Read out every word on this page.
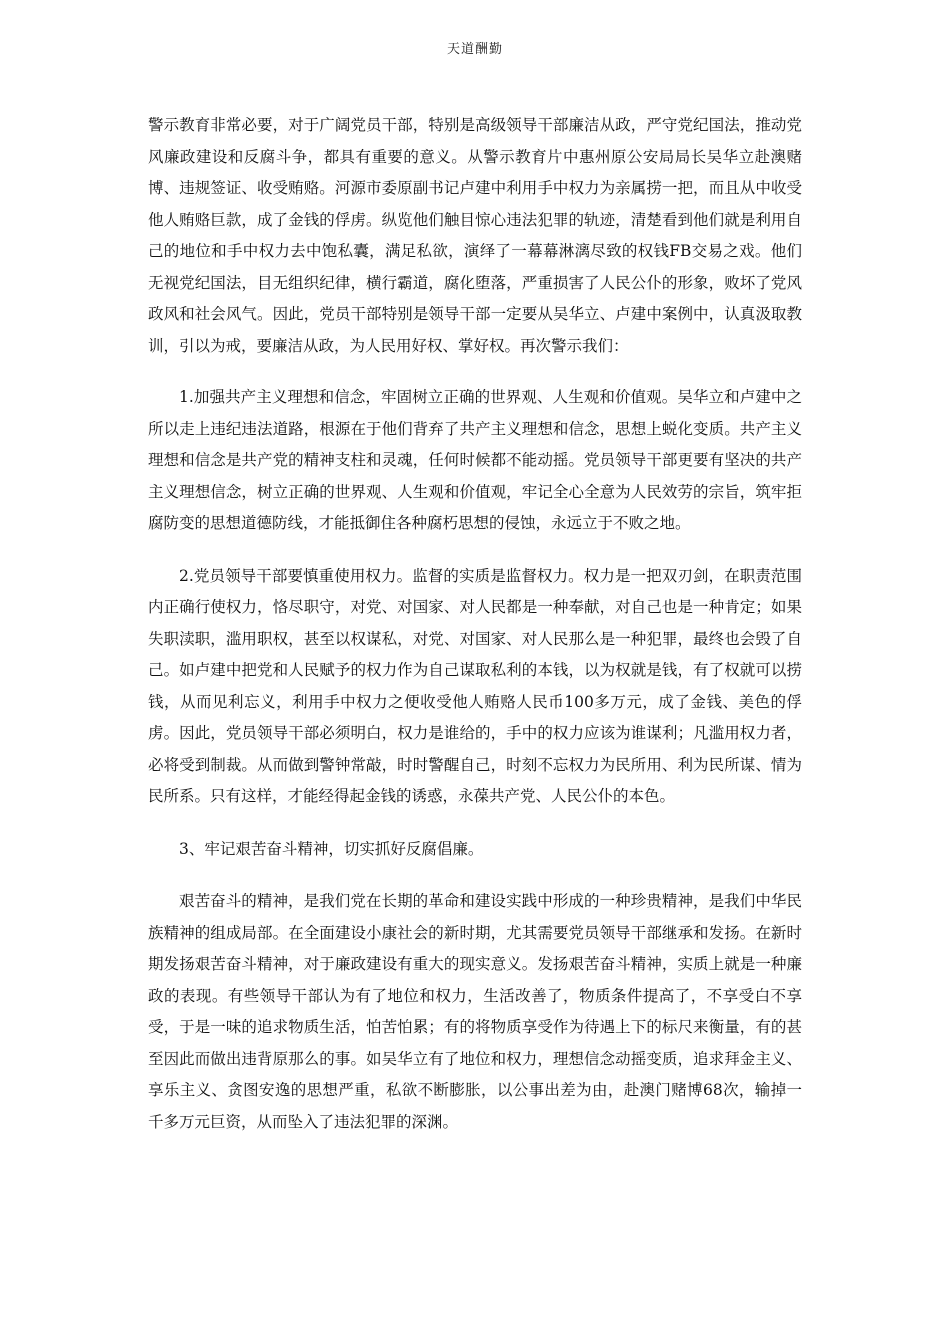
天道酬勤

警示教育非常必要，对于广阔党员干部，特别是高级领导干部廉洁从政，严守党纪国法，推动党风廉政建设和反腐斗争，都具有重要的意义。从警示教育片中惠州原公安局局长吴华立赴澳赌博、违规签证、收受贿赂。河源市委原副书记卢建中利用手中权力为亲属捞一把，而且从中收受他人贿赂巨款，成了金钱的俘虏。纵览他们触目惊心违法犯罪的轨迹，清楚看到他们就是利用自己的地位和手中权力去中饱私囊，满足私欲，演绎了一幕幕淋漓尽致的权钱FB交易之戏。他们无视党纪国法，目无组织纪律，横行霸道，腐化堕落，严重损害了人民公仆的形象，败坏了党风政风和社会风气。因此，党员干部特别是领导干部一定要从吴华立、卢建中案例中，认真汲取教训，引以为戒，要廉洁从政，为人民用好权、掌好权。再次警示我们：

1.加强共产主义理想和信念，牢固树立正确的世界观、人生观和价值观。吴华立和卢建中之所以走上违纪违法道路，根源在于他们背弃了共产主义理想和信念，思想上蜕化变质。共产主义理想和信念是共产党的精神支柱和灵魂，任何时候都不能动摇。党员领导干部更要有坚决的共产主义理想信念，树立正确的世界观、人生观和价值观，牢记全心全意为人民效劳的宗旨，筑牢拒腐防变的思想道德防线，才能抵御住各种腐朽思想的侵蚀，永远立于不败之地。

2.党员领导干部要慎重使用权力。监督的实质是监督权力。权力是一把双刃剑，在职责范围内正确行使权力，恪尽职守，对党、对国家、对人民都是一种奉献，对自己也是一种肯定；如果失职渎职，滥用职权，甚至以权谋私，对党、对国家、对人民那么是一种犯罪，最终也会毁了自己。如卢建中把党和人民赋予的权力作为自己谋取私利的本钱，以为权就是钱，有了权就可以捞钱，从而见利忘义，利用手中权力之便收受他人贿赂人民币100多万元，成了金钱、美色的俘虏。因此，党员领导干部必须明白，权力是谁给的，手中的权力应该为谁谋利；凡滥用权力者，必将受到制裁。从而做到警钟常敲，时时警醒自己，时刻不忘权力为民所用、利为民所谋、情为民所系。只有这样，才能经得起金钱的诱惑，永葆共产党、人民公仆的本色。

3、牢记艰苦奋斗精神，切实抓好反腐倡廉。

艰苦奋斗的精神，是我们党在长期的革命和建设实践中形成的一种珍贵精神，是我们中华民族精神的组成局部。在全面建设小康社会的新时期，尤其需要党员领导干部继承和发扬。在新时期发扬艰苦奋斗精神，对于廉政建设有重大的现实意义。发扬艰苦奋斗精神，实质上就是一种廉政的表现。有些领导干部认为有了地位和权力，生活改善了，物质条件提高了，不享受白不享受，于是一味的追求物质生活，怕苦怕累；有的将物质享受作为待遇上下的标尺来衡量，有的甚至因此而做出违背原那么的事。如吴华立有了地位和权力，理想信念动摇变质，追求拜金主义、享乐主义、贪图安逸的思想严重，私欲不断膨胀，以公事出差为由，赴澳门赌博68次，输掉一千多万元巨资，从而坠入了违法犯罪的深渊。
